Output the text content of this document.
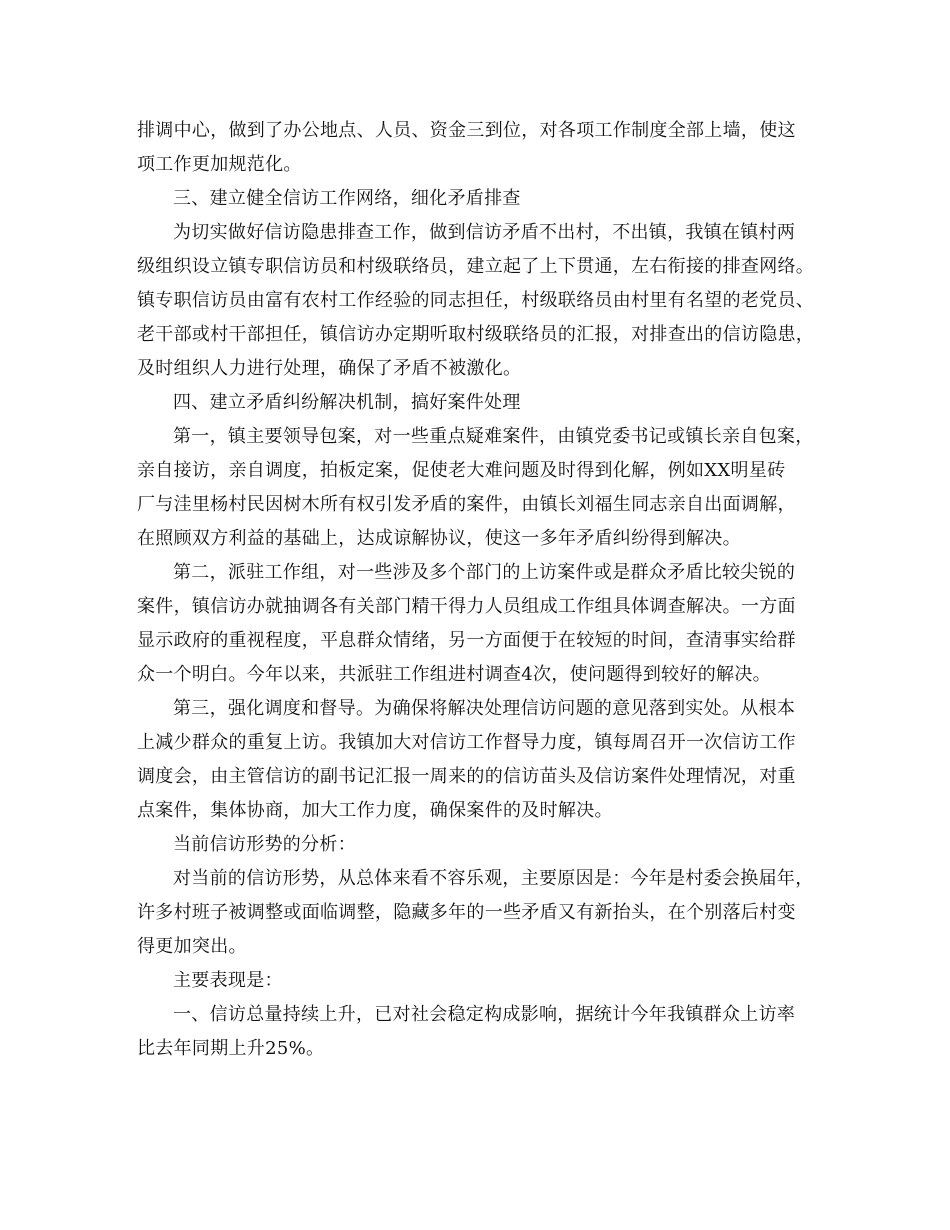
排调中心，做到了办公地点、人员、资金三到位，对各项工作制度全部上墙，使这
项工作更加规范化。
三、建立健全信访工作网络，细化矛盾排查
为切实做好信访隐患排查工作，做到信访矛盾不出村，不出镇，我镇在镇村两
级组织设立镇专职信访员和村级联络员，建立起了上下贯通，左右衔接的排查网络。
镇专职信访员由富有农村工作经验的同志担任，村级联络员由村里有名望的老党员、
老干部或村干部担任，镇信访办定期听取村级联络员的汇报，对排查出的信访隐患，
及时组织人力进行处理，确保了矛盾不被激化。
四、建立矛盾纠纷解决机制，搞好案件处理
第一，镇主要领导包案，对一些重点疑难案件，由镇党委书记或镇长亲自包案，
亲自接访，亲自调度，拍板定案，促使老大难问题及时得到化解，例如XX明星砖
厂与洼里杨村民因树木所有权引发矛盾的案件，由镇长刘福生同志亲自出面调解，
在照顾双方利益的基础上，达成谅解协议，使这一多年矛盾纠纷得到解决。
第二，派驻工作组，对一些涉及多个部门的上访案件或是群众矛盾比较尖锐的
案件，镇信访办就抽调各有关部门精干得力人员组成工作组具体调查解决。一方面
显示政府的重视程度，平息群众情绪，另一方面便于在较短的时间，查清事实给群
众一个明白。今年以来，共派驻工作组进村调查4次，使问题得到较好的解决。
第三，强化调度和督导。为确保将解决处理信访问题的意见落到实处。从根本
上减少群众的重复上访。我镇加大对信访工作督导力度，镇每周召开一次信访工作
调度会，由主管信访的副书记汇报一周来的的信访苗头及信访案件处理情况，对重
点案件，集体协商，加大工作力度，确保案件的及时解决。
当前信访形势的分析：
对当前的信访形势，从总体来看不容乐观，主要原因是：今年是村委会换届年，
许多村班子被调整或面临调整，隐藏多年的一些矛盾又有新抬头，在个别落后村变
得更加突出。
主要表现是：
一、信访总量持续上升，已对社会稳定构成影响，据统计今年我镇群众上访率
比去年同期上升25%。
